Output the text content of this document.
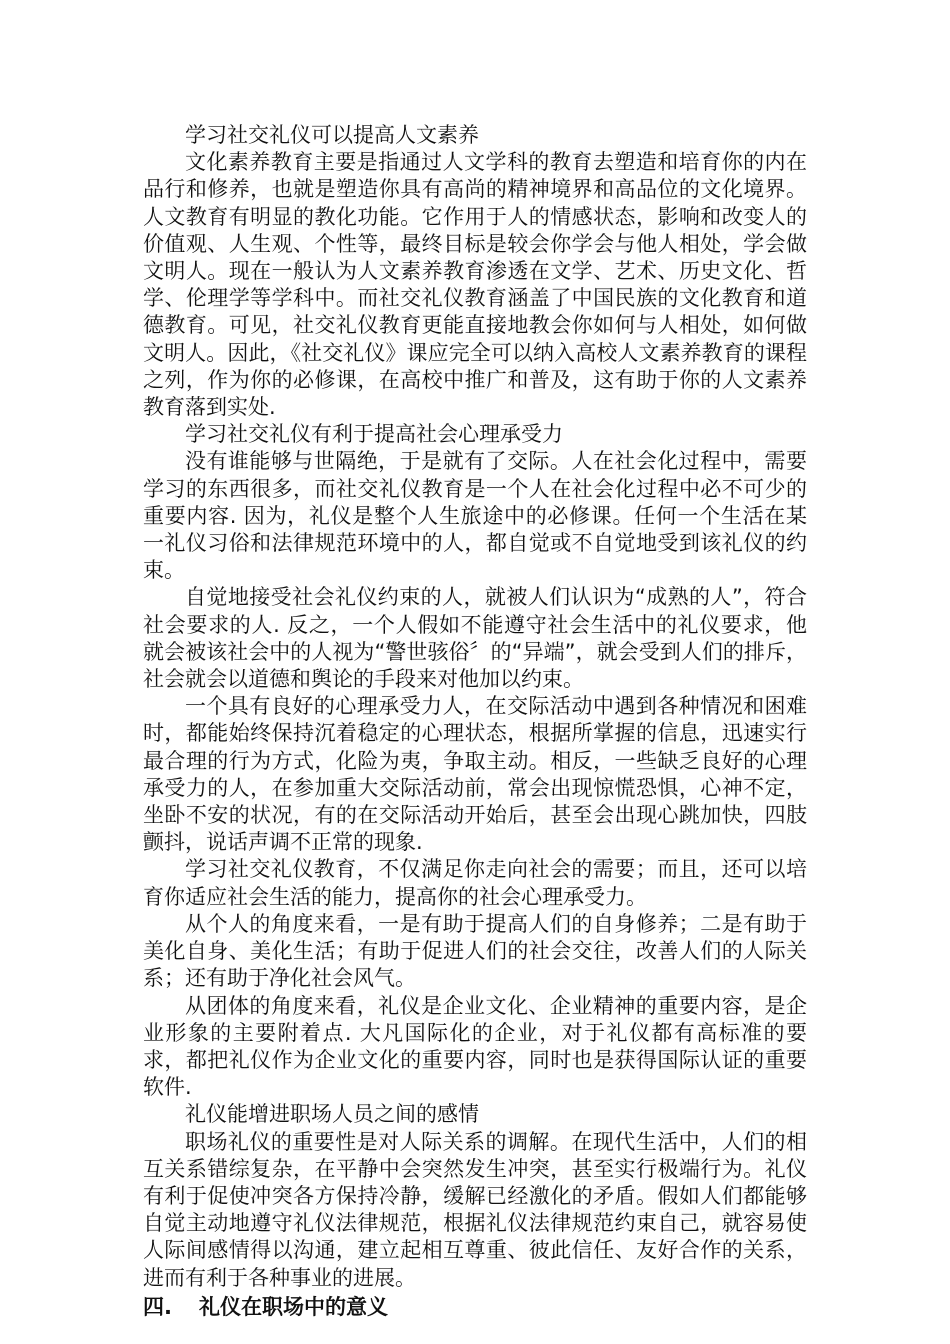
学习社交礼仪可以提高人文素养

文化素养教育主要是指通过人文学科的教育去塑造和培育你的内在品行和修养，也就是塑造你具有高尚的精神境界和高品位的文化境界。人文教育有明显的教化功能。它作用于人的情感状态，影响和改变人的价值观、人生观、个性等，最终目标是较会你学会与他人相处，学会做文明人。现在一般认为人文素养教育渗透在文学、艺术、历史文化、哲学、伦理学等学科中。而社交礼仪教育涵盖了中国民族的文化教育和道德教育。可见，社交礼仪教育更能直接地教会你如何与人相处，如何做文明人。因此，《社交礼仪》课应完全可以纳入高校人文素养教育的课程之列，作为你的必修课，在高校中推广和普及，这有助于你的人文素养教育落到实处.

学习社交礼仪有利于提高社会心理承受力

没有谁能够与世隔绝，于是就有了交际。人在社会化过程中，需要学习的东西很多，而社交礼仪教育是一个人在社会化过程中必不可少的重要内容. 因为，礼仪是整个人生旅途中的必修课。任何一个生活在某一礼仪习俗和法律规范环境中的人，都自觉或不自觉地受到该礼仪的约束。

自觉地接受社会礼仪约束的人，就被人们认识为“成熟的人”，符合社会要求的人. 反之，一个人假如不能遵守社会生活中的礼仪要求，他就会被该社会中的人视为“警世骇俗〞的“异端”，就会受到人们的排斥，社会就会以道德和舆论的手段来对他加以约束。

一个具有良好的心理承受力人，在交际活动中遇到各种情况和困难时，都能始终保持沉着稳定的心理状态，根据所掌握的信息，迅速实行最合理的行为方式，化险为夷，争取主动。相反，一些缺乏良好的心理承受力的人，在参加重大交际活动前，常会出现惊慌恐惧，心神不定，坐卧不安的状况，有的在交际活动开始后，甚至会出现心跳加快，四肢颤抖，说话声调不正常的现象.

学习社交礼仪教育，不仅满足你走向社会的需要；而且，还可以培育你适应社会生活的能力，提高你的社会心理承受力。

从个人的角度来看，一是有助于提高人们的自身修养；二是有助于美化自身、美化生活；有助于促进人们的社会交往，改善人们的人际关系；还有助于净化社会风气。

从团体的角度来看，礼仪是企业文化、企业精神的重要内容，是企业形象的主要附着点. 大凡国际化的企业，对于礼仪都有高标准的要求，都把礼仪作为企业文化的重要内容，同时也是获得国际认证的重要软件.

礼仪能增进职场人员之间的感情

职场礼仪的重要性是对人际关系的调解。在现代生活中，人们的相互关系错综复杂，在平静中会突然发生冲突，甚至实行极端行为。礼仪有利于促使冲突各方保持冷静，缓解已经激化的矛盾。假如人们都能够自觉主动地遵守礼仪法律规范，根据礼仪法律规范约束自己，就容易使人际间感情得以沟通，建立起相互尊重、彼此信任、友好合作的关系，进而有利于各种事业的进展。

四. 礼仪在职场中的意义
